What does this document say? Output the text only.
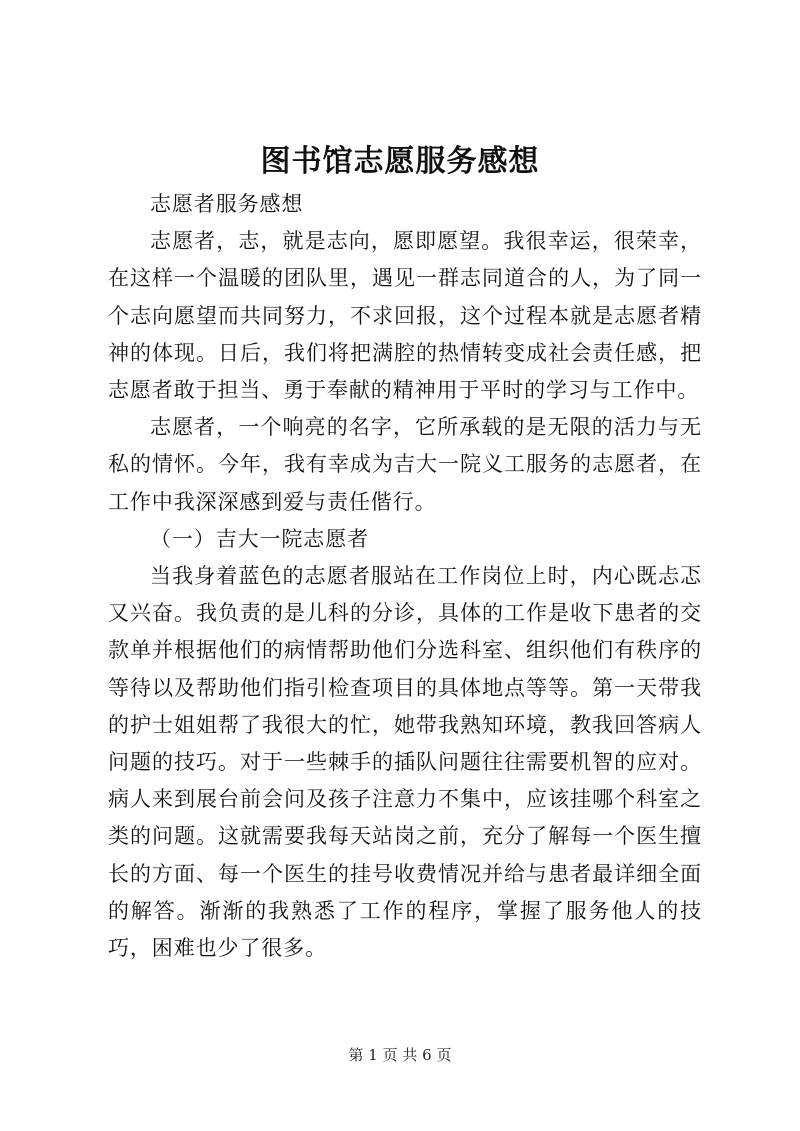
图书馆志愿服务感想

志愿者服务感想

志愿者，志，就是志向，愿即愿望。我很幸运，很荣幸，在这样一个温暖的团队里，遇见一群志同道合的人，为了同一个志向愿望而共同努力，不求回报，这个过程本就是志愿者精神的体现。日后，我们将把满腔的热情转变成社会责任感，把志愿者敢于担当、勇于奉献的精神用于平时的学习与工作中。

志愿者，一个响亮的名字，它所承载的是无限的活力与无私的情怀。今年，我有幸成为吉大一院义工服务的志愿者，在工作中我深深感到爱与责任偕行。

（一）吉大一院志愿者

当我身着蓝色的志愿者服站在工作岗位上时，内心既忐忑又兴奋。我负责的是儿科的分诊，具体的工作是收下患者的交款单并根据他们的病情帮助他们分选科室、组织他们有秩序的等待以及帮助他们指引检查项目的具体地点等等。第一天带我的护士姐姐帮了我很大的忙，她带我熟知环境，教我回答病人问题的技巧。对于一些棘手的插队问题往往需要机智的应对。病人来到展台前会问及孩子注意力不集中，应该挂哪个科室之类的问题。这就需要我每天站岗之前，充分了解每一个医生擅长的方面、每一个医生的挂号收费情况并给与患者最详细全面的解答。渐渐的我熟悉了工作的程序，掌握了服务他人的技巧，困难也少了很多。

第 1 页 共 6 页
